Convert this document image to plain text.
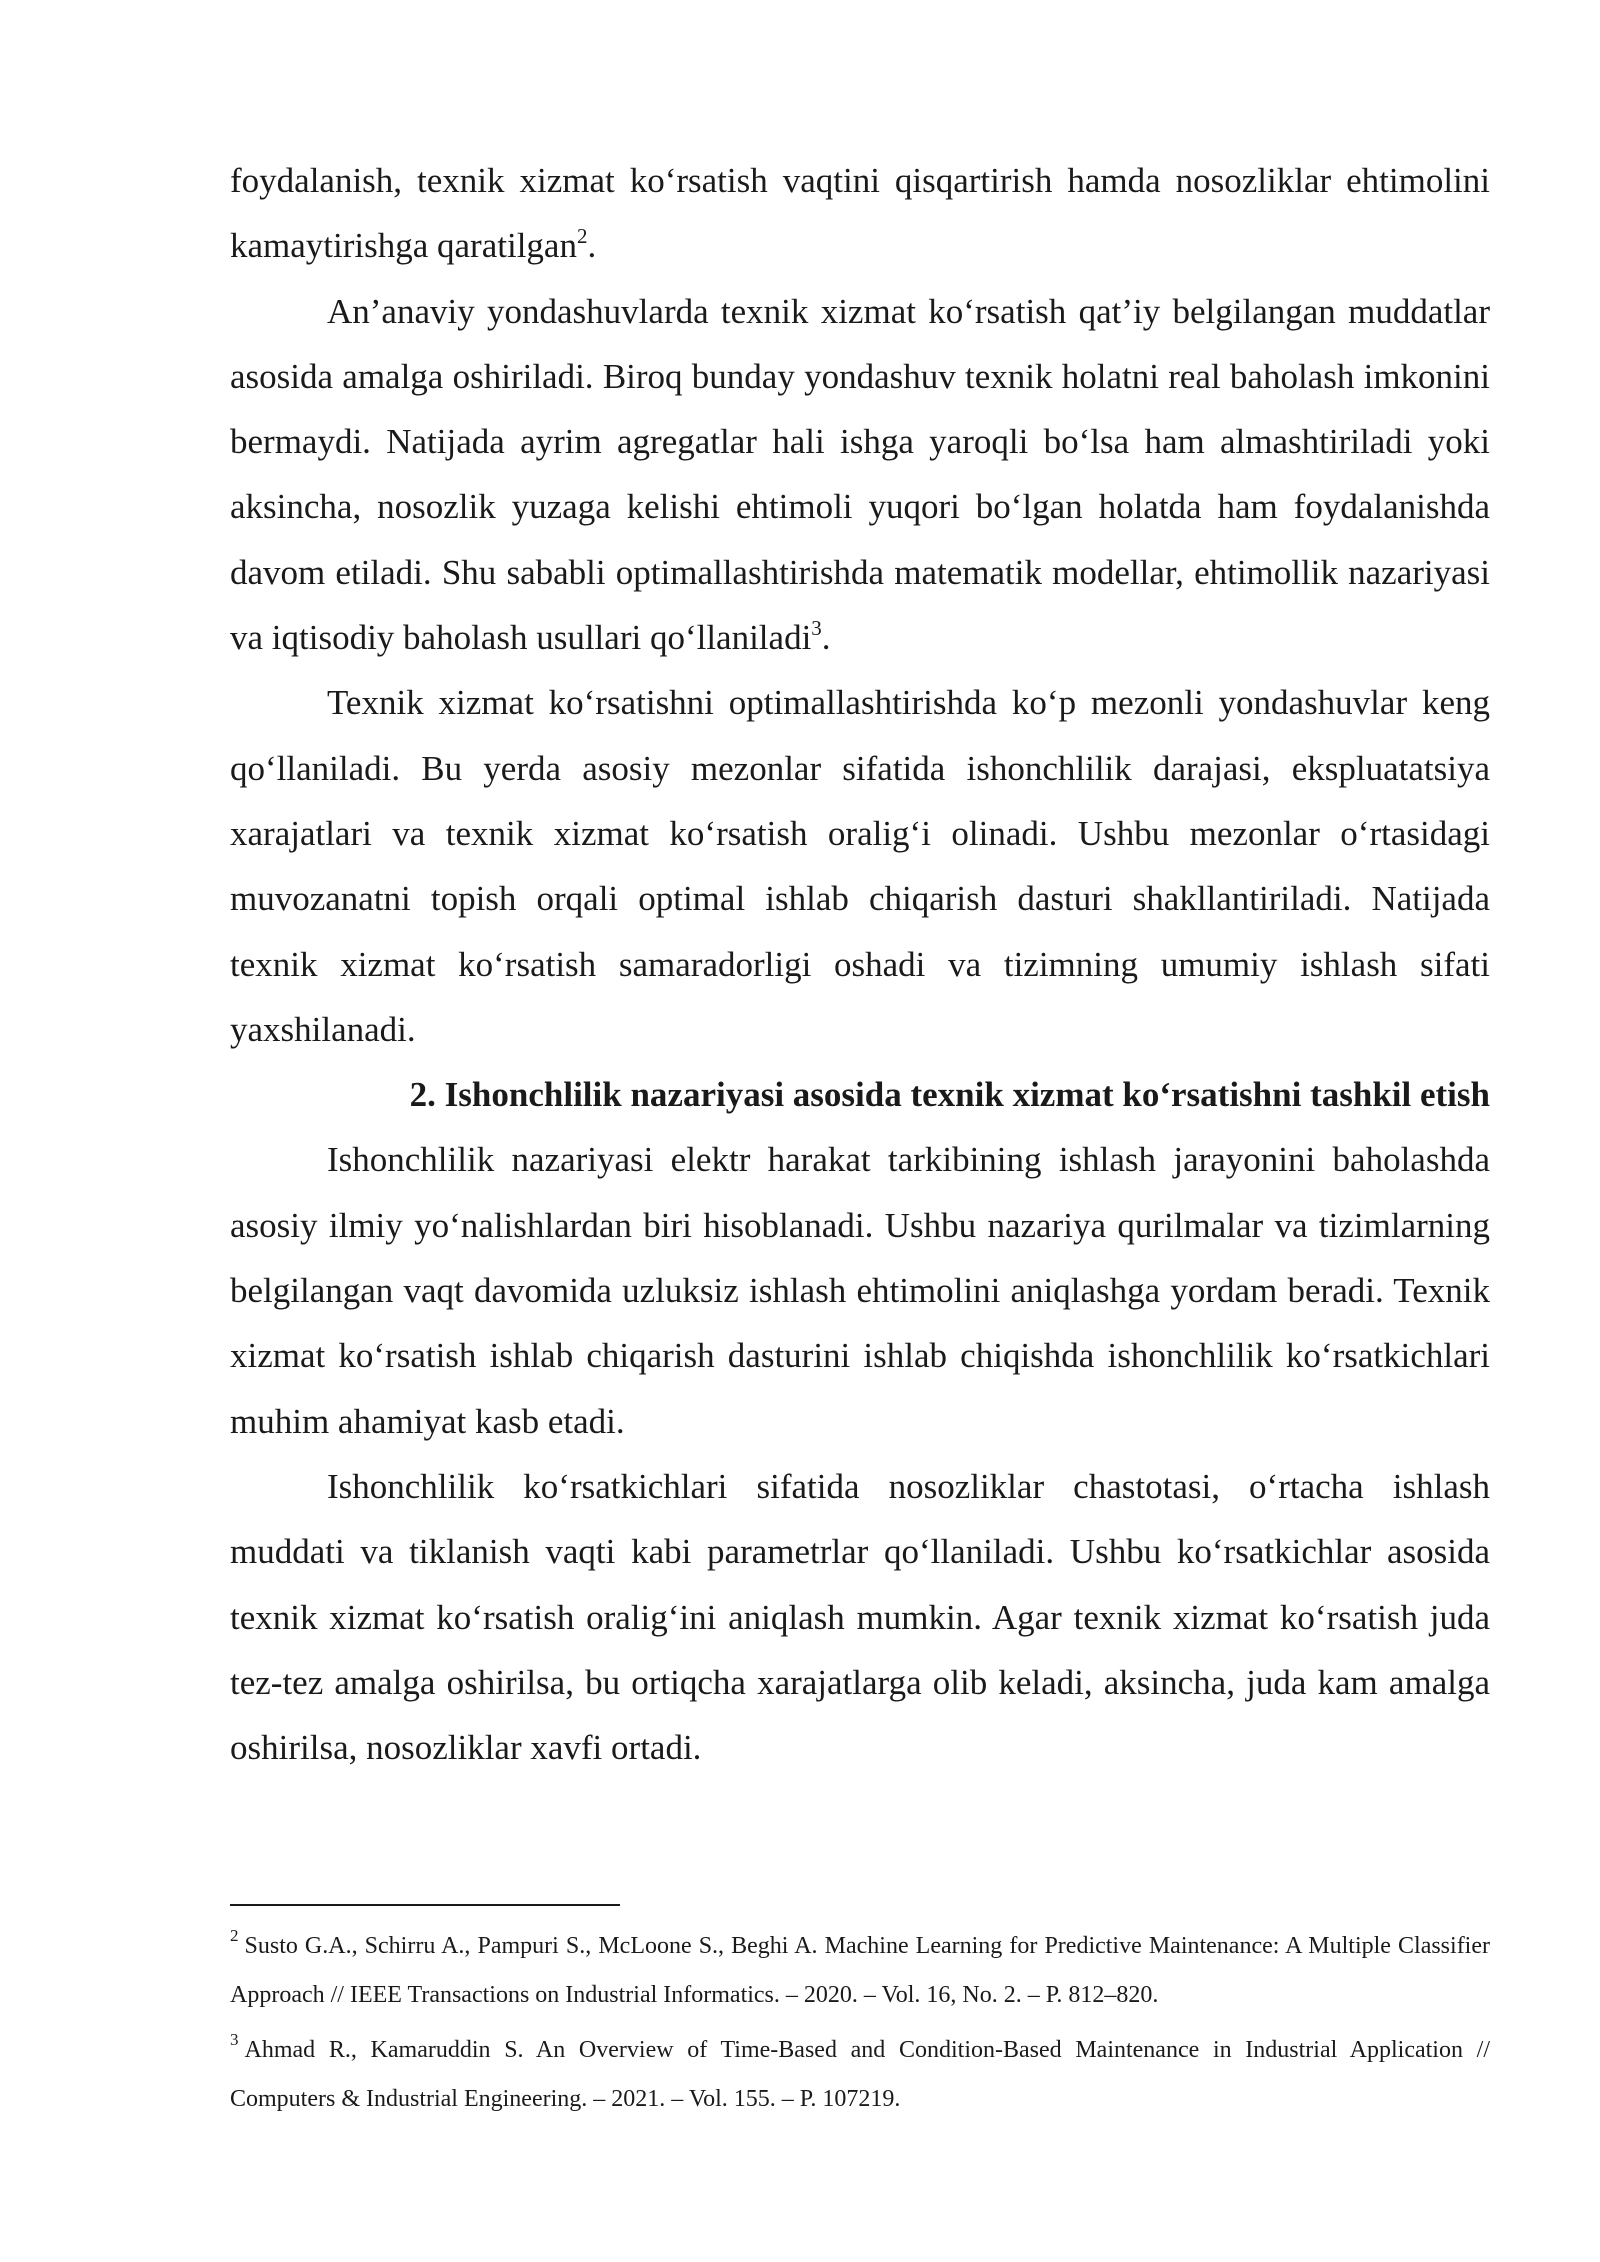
foydalanish, texnik xizmat ko‘rsatish vaqtini qisqartirish hamda nosozliklar ehtimolini kamaytirishga qaratilgan$^2$.

An’anaviy yondashuvlarda texnik xizmat ko‘rsatish qat’iy belgilangan muddatlar asosida amalga oshiriladi. Biroq bunday yondashuv texnik holatni real baholash imkonini bermaydi. Natijada ayrim agregatlar hali ishga yaroqli bo‘lsa ham almashtiriladi yoki aksincha, nosozlik yuzaga kelishi ehtimoli yuqori bo‘lgan holatda ham foydalanishda davom etiladi. Shu sababli optimallashtirishda matematik modellar, ehtimollik nazariyasi va iqtisodiy baholash usullari qo‘llaniladi$^3$.

Texnik xizmat ko‘rsatishni optimallashtirishda ko‘p mezonli yondashuvlar keng qo‘llaniladi. Bu yerda asosiy mezonlar sifatida ishonchlilik darajasi, ekspluatatsiya xarajatlari va texnik xizmat ko‘rsatish oralig‘i olinadi. Ushbu mezonlar o‘rtasidagi muvozanatni topish orqali optimal ishlab chiqarish dasturi shakllantiriladi. Natijada texnik xizmat ko‘rsatish samaradorligi oshadi va tizimning umumiy ishlash sifati yaxshilanadi.

2. Ishonchlilik nazariyasi asosida texnik xizmat ko‘rsatishni tashkil etish

Ishonchlilik nazariyasi elektr harakat tarkibining ishlash jarayonini baholashda asosiy ilmiy yo‘nalishlardan biri hisoblanadi. Ushbu nazariya qurilmalar va tizimlarning belgilangan vaqt davomida uzluksiz ishlash ehtimolini aniqlashga yordam beradi. Texnik xizmat ko‘rsatish ishlab chiqarish dasturini ishlab chiqishda ishonchlilik ko‘rsatkichlari muhim ahamiyat kasb etadi.

Ishonchlilik ko‘rsatkichlari sifatida nosozliklar chastotasi, o‘rtacha ishlash muddati va tiklanish vaqti kabi parametrlar qo‘llaniladi. Ushbu ko‘rsatkichlar asosida texnik xizmat ko‘rsatish oralig‘ini aniqlash mumkin. Agar texnik xizmat ko‘rsatish juda tez-tez amalga oshirilsa, bu ortiqcha xarajatlarga olib keladi, aksincha, juda kam amalga oshirilsa, nosozliklar xavfi ortadi.

$^2$ Susto G.A., Schirru A., Pampuri S., McLoone S., Beghi A. Machine Learning for Predictive Maintenance: A Multiple Classifier Approach // IEEE Transactions on Industrial Informatics. – 2020. – Vol. 16, No. 2. – P. 812–820.

$^3$ Ahmad R., Kamaruddin S. An Overview of Time-Based and Condition-Based Maintenance in Industrial Application // Computers & Industrial Engineering. – 2021. – Vol. 155. – P. 107219.
